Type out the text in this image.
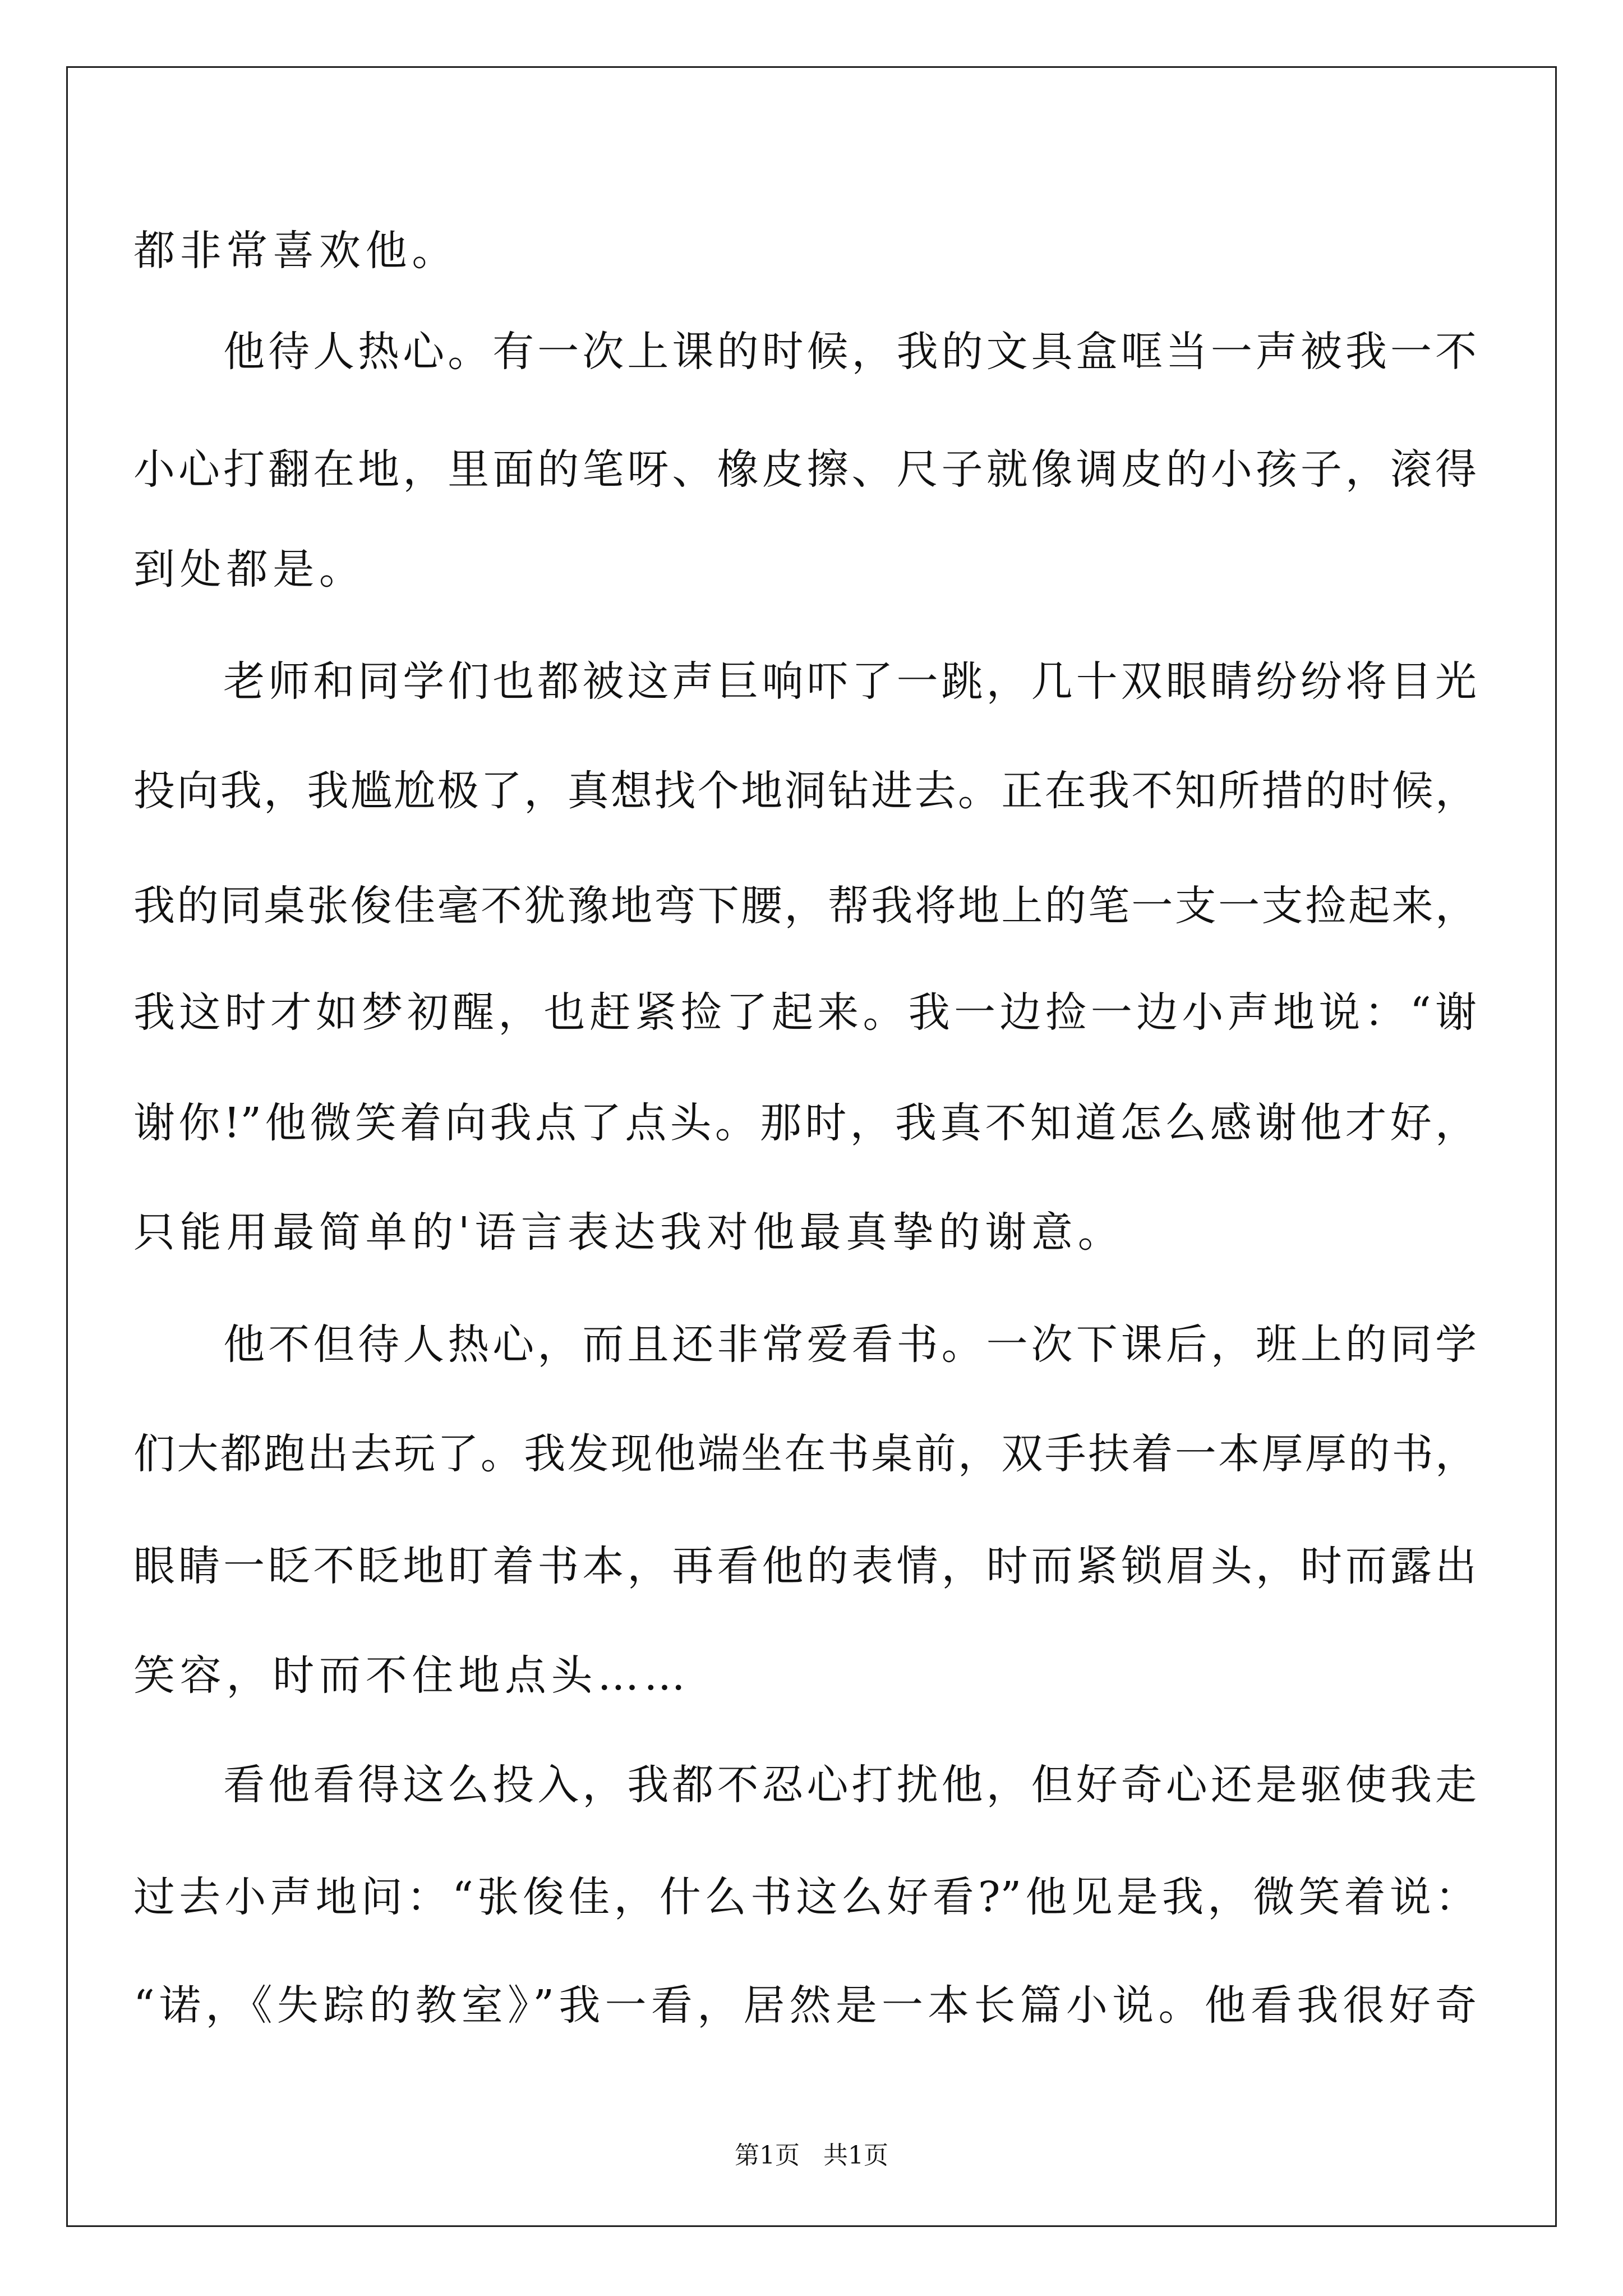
都非常喜欢他。
　　他待人热心。有一次上课的时候，我的文具盒哐当一声被我一不
小心打翻在地，里面的笔呀、橡皮擦、尺子就像调皮的小孩子，滚得
到处都是。
　　老师和同学们也都被这声巨响吓了一跳，几十双眼睛纷纷将目光
投向我，我尴尬极了，真想找个地洞钻进去。正在我不知所措的时候，
我的同桌张俊佳毫不犹豫地弯下腰，帮我将地上的笔一支一支捡起来，
我这时才如梦初醒，也赶紧捡了起来。我一边捡一边小声地说：“谢
谢你!”他微笑着向我点了点头。那时，我真不知道怎么感谢他才好，
只能用最简单的'语言表达我对他最真挚的谢意。
　　他不但待人热心，而且还非常爱看书。一次下课后，班上的同学
们大都跑出去玩了。我发现他端坐在书桌前，双手扶着一本厚厚的书，
眼睛一眨不眨地盯着书本，再看他的表情，时而紧锁眉头，时而露出
笑容，时而不住地点头……
　　看他看得这么投入，我都不忍心打扰他，但好奇心还是驱使我走
过去小声地问：“张俊佳，什么书这么好看?”他见是我，微笑着说：
“诺，《失踪的教室》”我一看，居然是一本长篇小说。他看我很好奇
第1页   共1页
